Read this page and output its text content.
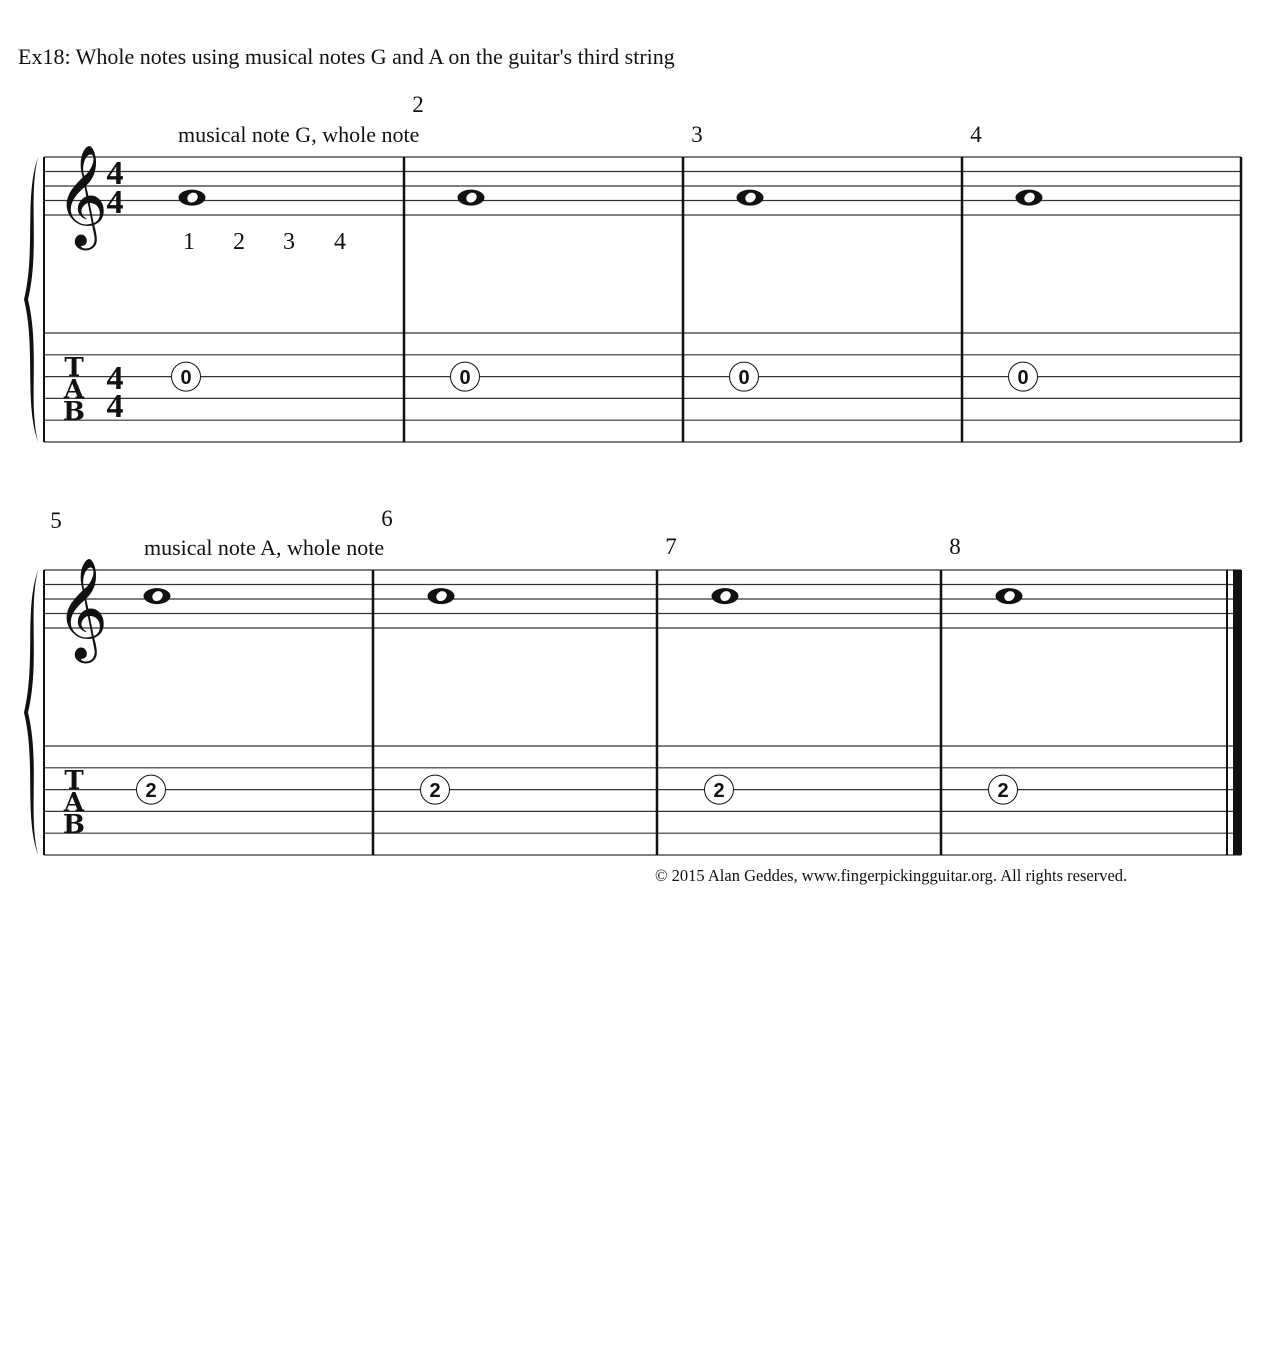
Ex18: Whole notes using musical notes G and A on the guitar's third string
𝄞
T
A
B
4
4
4
4
musical note G, whole note
1 2 3 4
0
2
0
3
0
4
0
𝄞
T
A
B
musical note A, whole note
5
2
6
2
7
2
8
2
© 2015 Alan Geddes, www.fingerpickingguitar.org. All rights reserved.
